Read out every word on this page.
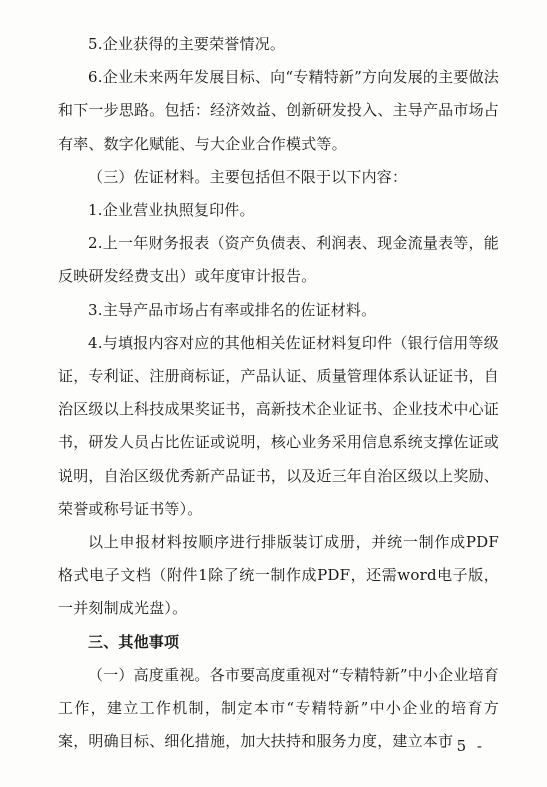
5.企业获得的主要荣誉情况。

6.企业未来两年发展目标、向“专精特新”方向发展的主要做法和下一步思路。包括：经济效益、创新研发投入、主导产品市场占有率、数字化赋能、与大企业合作模式等。

（三）佐证材料。主要包括但不限于以下内容：

1.企业营业执照复印件。

2.上一年财务报表（资产负债表、利润表、现金流量表等，能反映研发经费支出）或年度审计报告。

3.主导产品市场占有率或排名的佐证材料。

4.与填报内容对应的其他相关佐证材料复印件（银行信用等级证，专利证、注册商标证，产品认证、质量管理体系认证证书，自治区级以上科技成果奖证书，高新技术企业证书、企业技术中心证书，研发人员占比佐证或说明，核心业务采用信息系统支撑佐证或说明，自治区级优秀新产品证书，以及近三年自治区级以上奖励、荣誉或称号证书等）。

以上申报材料按顺序进行排版装订成册，并统一制作成PDF格式电子文档（附件1除了统一制作成PDF，还需word电子版，一并刻制成光盘）。

三、其他事项

（一）高度重视。各市要高度重视对“专精特新”中小企业培育工作，建立工作机制，制定本市“专精特新”中小企业的培育方案，明确目标、细化措施，加大扶持和服务力度，建立本市

- 5 -
